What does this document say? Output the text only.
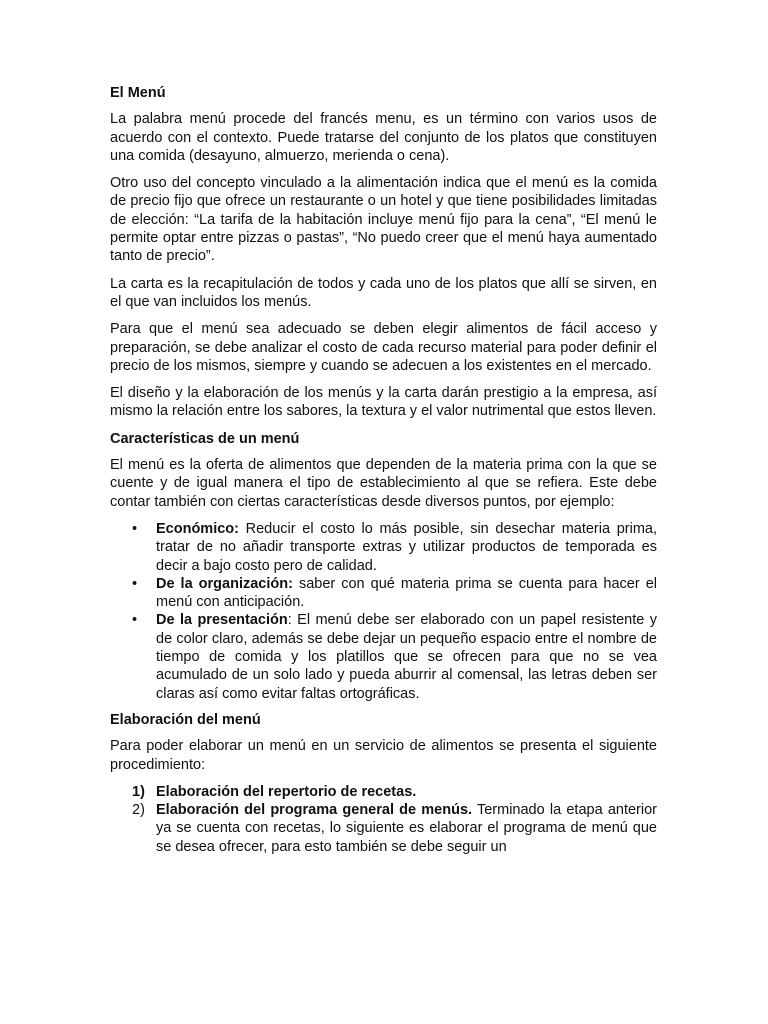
El Menú

La palabra menú procede del francés menu, es un término con varios usos de acuerdo con el contexto. Puede tratarse del conjunto de los platos que constituyen una comida (desayuno, almuerzo, merienda o cena).

Otro uso del concepto vinculado a la alimentación indica que el menú es la comida de precio fijo que ofrece un restaurante o un hotel y que tiene posibilidades limitadas de elección: “La tarifa de la habitación incluye menú fijo para la cena”, “El menú le permite optar entre pizzas o pastas”, “No puedo creer que el menú haya aumentado tanto de precio”.

La carta es la recapitulación de todos y cada uno de los platos que allí se sirven, en el que van incluidos los menús.

Para que el menú sea adecuado se deben elegir alimentos de fácil acceso y preparación, se debe analizar el costo de cada recurso material para poder definir el precio de los mismos, siempre y cuando se adecuen a los existentes en el mercado.

El diseño y la elaboración de los menús y la carta darán prestigio a la empresa, así mismo la relación entre los sabores, la textura y el valor nutrimental que estos lleven.

Características de un menú

El menú es la oferta de alimentos que dependen de la materia prima con la que se cuente y de igual manera el tipo de establecimiento al que se refiera. Este debe contar también con ciertas características desde diversos puntos, por ejemplo:

• Económico: Reducir el costo lo más posible, sin desechar materia prima, tratar de no añadir transporte extras y utilizar productos de temporada es decir a bajo costo pero de calidad.
• De la organización: saber con qué materia prima se cuenta para hacer el menú con anticipación.
• De la presentación: El menú debe ser elaborado con un papel resistente y de color claro, además se debe dejar un pequeño espacio entre el nombre de tiempo de comida y los platillos que se ofrecen para que no se vea acumulado de un solo lado y pueda aburrir al comensal, las letras deben ser claras así como evitar faltas ortográficas.
Elaboración del menú

Para poder elaborar un menú en un servicio de alimentos se presenta el siguiente procedimiento:

1) Elaboración del repertorio de recetas.
2) Elaboración del programa general de menús. Terminado la etapa anterior ya se cuenta con recetas, lo siguiente es elaborar el programa de menú que se desea ofrecer, para esto también se debe seguir un
